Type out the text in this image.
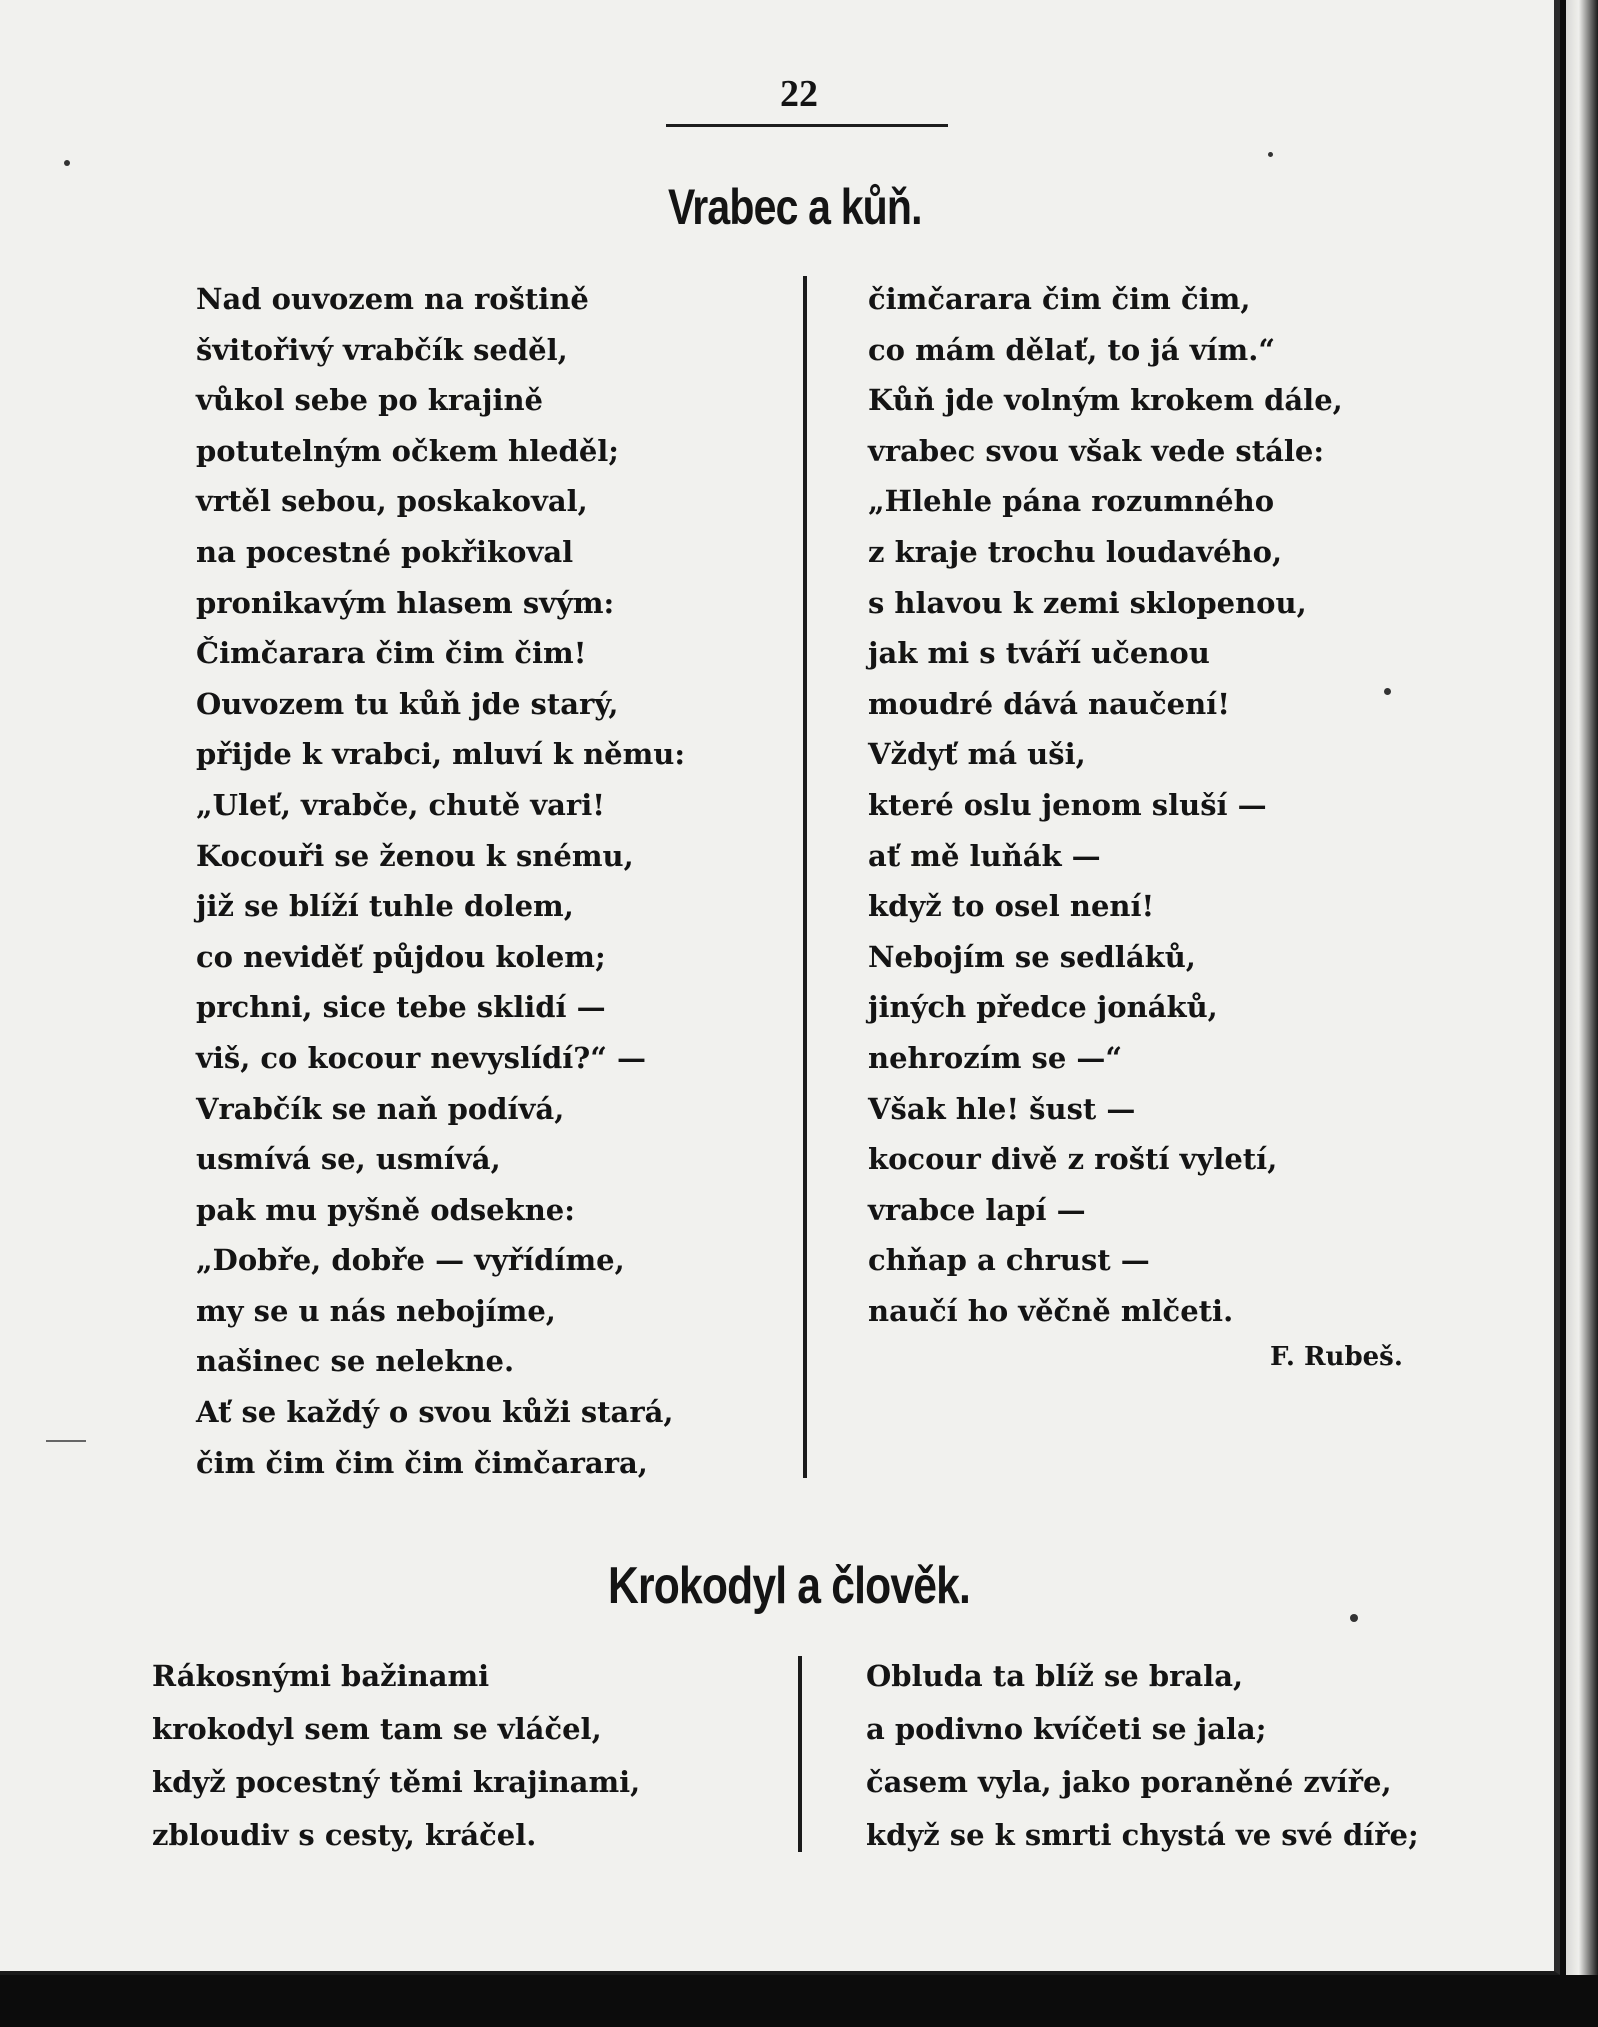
22
Vrabec a kůň.
Nad ouvozem na roštině
švitořivý vrabčík seděl,
vůkol sebe po krajině
potutelným očkem hleděl;
vrtěl sebou, poskakoval,
na pocestné pokřikoval
pronikavým hlasem svým:
Čimčarara čim čim čim!
Ouvozem tu kůň jde starý,
přijde k vrabci, mluví k němu:
„Uleť, vrabče, chutě vari!
Kocouři se ženou k snému,
již se blíží tuhle dolem,
co neviděť půjdou kolem;
prchni, sice tebe sklidí —
viš, co kocour nevyslídí?“ —
Vrabčík se naň podívá,
usmívá se, usmívá,
pak mu pyšně odsekne:
„Dobře, dobře — vyřídíme,
my se u nás nebojíme,
našinec se nelekne.
Ať se každý o svou kůži stará,
čim čim čim čim čimčarara,
čimčarara čim čim čim,
co mám dělať, to já vím.“
Kůň jde volným krokem dále,
vrabec svou však vede stále:
„Hlehle pána rozumného
z kraje trochu loudavého,
s hlavou k zemi sklopenou,
jak mi s tváří učenou
moudré dává naučení!
Vždyť má uši,
které oslu jenom sluší —
ať mě luňák —
když to osel není!
Nebojím se sedláků,
jiných předce jonáků,
nehrozím se —“
Však hle! šust —
kocour divě z roští vyletí,
vrabce lapí —
chňap a chrust —
naučí ho věčně mlčeti.
F. Rubeš.
Krokodyl a člověk.
Rákosnými bažinami
krokodyl sem tam se vláčel,
když pocestný těmi krajinami,
zbloudiv s cesty, kráčel.
Obluda ta blíž se brala,
a podivno kvíčeti se jala;
časem vyla, jako poraněné zvíře,
když se k smrti chystá ve své díře;
